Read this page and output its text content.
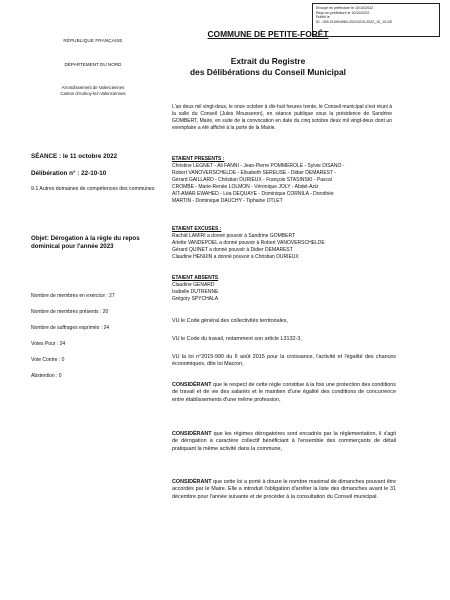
Envoyé en préfecture le 10/10/2022
Reçu en préfecture le 10/10/2022
Publié le
ID : 059-215904560-20221010-2022_10_10-DE
RÉPUBLIQUE FRANÇAISE
DÉPARTEMENT DU NORD
Arrondissement de Valenciennes
Canton d'Aulnoy-lez-Valenciennes
COMMUNE DE PETITE-FORÊT
Extrait du Registre
des Délibérations du Conseil Municipal
L'an deux mil vingt-deux, le onze octobre à dix-huit heures trente, le Conseil municipal s'est réuni à la salle du Conseil (Jules Mousseron), en séance publique sous la présidence de Sandrine GOMBERT, Maire, en suite de la convocation en date du cinq octobre deux mil vingt-deux dont un exemplaire a été affiché à la porte de la Mairie.
SÉANCE : le 11 octobre 2022
Délibération n° : 22-10-10
9.1 Autres domaines de compétences des communes
Objet: Dérogation à la règle du repos dominical pour l'année 2023
Nombre de membres en exercice : 27
Nombre de membres présents : 20
Nombre de suffrages exprimés : 24
Votes Pour : 24
Vote Contre : 0
Abstention : 0
ÉTAIENT PRÉSENTS :
Christine LEGNET - Ali FANNI - Jean-Pierre POMMEROLE - Sylvie DISANO -
Robert VANOVERSCHELDE - Élisabeth SEREUSE - Didier DÉMAREST -
Gérard GAILLARD - Christian DURIEUX - François STASINSKI - Pascal
CROMBE - Marie-Renée LOLMON - Véronique JOLY - Abdel-Aziz
AIT-AMAR EWAHED - Léa DÉQUAYE - Dominique CORNILA - Dorothée
MARTIN - Dominique DAUCHY - Tiphaine OTLET
ÉTAIENT EXCUSÉS :
Rachid LAMIRI a donné pouvoir à Sandrine GOMBERT
Arlette VANDEPOEL a donné pouvoir à Robert VANOVERSCHELDE
Gérard QUINET a donné pouvoir à Didier DÉMAREST
Claudine HÉNUIN a donné pouvoir à Christian DURIEUX
ÉTAIENT ABSENTS
Claudine GÉNARD
Isabelle DUTRENNE
Grégory SPYCHALA
VU le Code général des collectivités territoriales,
VU le Code du travail, notamment son article L3132-3,
VU la loi n°2015-990 du 6 août 2015 pour la croissance, l'activité et l'égalité des chances économiques, dite loi Macron,
CONSIDÉRANT que le respect de cette règle constitue à la fois une protection des conditions de travail et de vie des salariés et le maintien d'une égalité des conditions de concurrence entre établissements d'une même profession,
CONSIDÉRANT que les régimes dérogatoires sont encadrés par la réglementation, il s'agit de dérogation à caractère collectif bénéficiant à l'ensemble des commerçants de détail pratiquant la même activité dans la commune,
CONSIDÉRANT que cette loi a porté à douze le nombre maximal de dimanches pouvant être accordés par le Maire. Elle a introduit l'obligation d'arrêter la liste des dimanches avant le 31 décembre pour l'année suivante et de procéder à la consultation du Conseil municipal.
